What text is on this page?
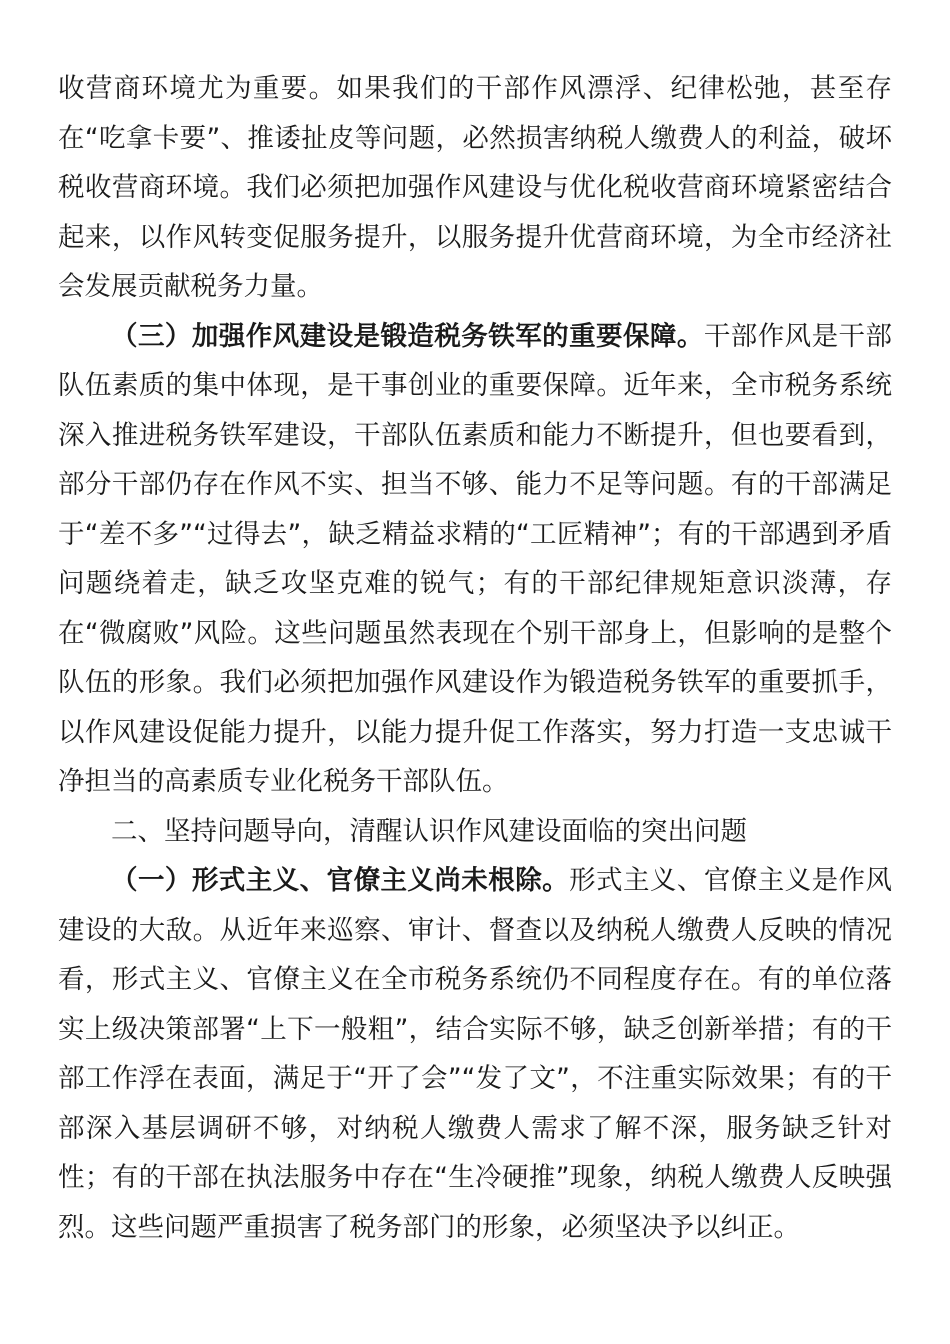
收营商环境尤为重要。如果我们的干部作风漂浮、纪律松弛，甚至存在“吃拿卡要”、推诿扯皮等问题，必然损害纳税人缴费人的利益，破坏税收营商环境。我们必须把加强作风建设与优化税收营商环境紧密结合起来，以作风转变促服务提升，以服务提升优营商环境，为全市经济社会发展贡献税务力量。

（三）加强作风建设是锻造税务铁军的重要保障。干部作风是干部队伍素质的集中体现，是干事创业的重要保障。近年来，全市税务系统深入推进税务铁军建设，干部队伍素质和能力不断提升，但也要看到，部分干部仍存在作风不实、担当不够、能力不足等问题。有的干部满足于“差不多”“过得去”，缺乏精益求精的“工匠精神”；有的干部遇到矛盾问题绕着走，缺乏攻坚克难的锐气；有的干部纪律规矩意识淡薄，存在“微腐败”风险。这些问题虽然表现在个别干部身上，但影响的是整个队伍的形象。我们必须把加强作风建设作为锻造税务铁军的重要抓手，以作风建设促能力提升，以能力提升促工作落实，努力打造一支忠诚干净担当的高素质专业化税务干部队伍。

二、坚持问题导向，清醒认识作风建设面临的突出问题

（一）形式主义、官僚主义尚未根除。形式主义、官僚主义是作风建设的大敌。从近年来巡察、审计、督查以及纳税人缴费人反映的情况看，形式主义、官僚主义在全市税务系统仍不同程度存在。有的单位落实上级决策部署“上下一般粗”，结合实际不够，缺乏创新举措；有的干部工作浮在表面，满足于“开了会”“发了文”，不注重实际效果；有的干部深入基层调研不够，对纳税人缴费人需求了解不深，服务缺乏针对性；有的干部在执法服务中存在“生冷硬推”现象，纳税人缴费人反映强烈。这些问题严重损害了税务部门的形象，必须坚决予以纠正。
